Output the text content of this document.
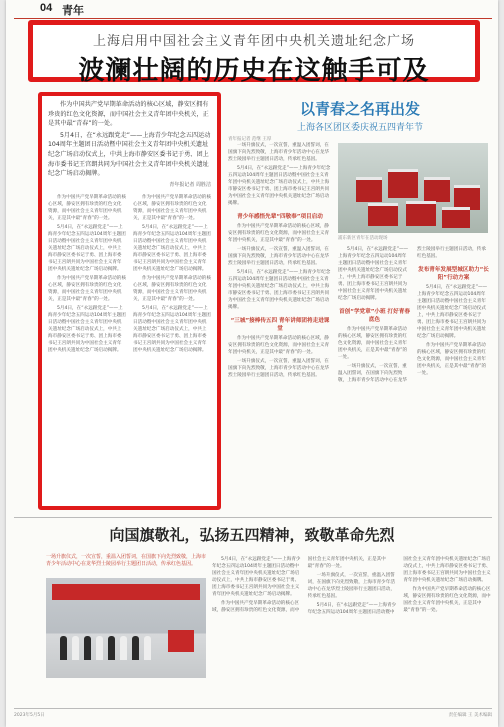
04 青年
上海启用中国社会主义青年团中央机关遗址纪念广场
波澜壮阔的历史在这触手可及

作为中国共产党早期革命活动的核心区域，静安区拥有珍贵的红色文化资源，而中国社会主义青年团中央机关，正是其中最“青春”的一处。

5月4日，在“永远跟党走”——上海青少年纪念五四运动104周年主题团日活动暨中国社会主义青年团中央机关遗址纪念广场启动仪式上，中共上海市静安区委书记于勇、团上海市委书记王宫朗共同为中国社会主义青年团中央机关遗址纪念广场启动揭牌。

青年报记者 周胜洁

作为中国共产党早期革命活动的核心区域，静安区拥有珍贵的红色文化资源，而中国社会主义青年团中央机关，正是其中最“青春”的一处。

5月4日，在“永远跟党走”——上海青少年纪念五四运动104周年主题团日活动暨中国社会主义青年团中央机关遗址纪念广场启动仪式上，中共上海市静安区委书记于勇、团上海市委书记王宫朗共同为中国社会主义青年团中央机关遗址纪念广场启动揭牌。

作为中国共产党早期革命活动的核心区域，静安区拥有珍贵的红色文化资源，而中国社会主义青年团中央机关，正是其中最“青春”的一处。

5月4日，在“永远跟党走”——上海青少年纪念五四运动104周年主题团日活动暨中国社会主义青年团中央机关遗址纪念广场启动仪式上，中共上海市静安区委书记于勇、团上海市委书记王宫朗共同为中国社会主义青年团中央机关遗址纪念广场启动揭牌。

作为中国共产党早期革命活动的核心区域，静安区拥有珍贵的红色文化资源，而中国社会主义青年团中央机关，正是其中最“青春”的一处。

5月4日，在“永远跟党走”——上海青少年纪念五四运动104周年主题团日活动暨中国社会主义青年团中央机关遗址纪念广场启动仪式上，中共上海市静安区委书记于勇、团上海市委书记王宫朗共同为中国社会主义青年团中央机关遗址纪念广场启动揭牌。

作为中国共产党早期革命活动的核心区域，静安区拥有珍贵的红色文化资源，而中国社会主义青年团中央机关，正是其中最“青春”的一处。

5月4日，在“永远跟党走”——上海青少年纪念五四运动104周年主题团日活动暨中国社会主义青年团中央机关遗址纪念广场启动仪式上，中共上海市静安区委书记于勇、团上海市委书记王宫朗共同为中国社会主义青年团中央机关遗址纪念广场启动揭牌。

以青春之名再出发
上海各区团区委庆祝五四青年节
青年报记者 范继 王厚

一场升旗仪式，一次宣誓，重温入团誓词，在国旗下向先烈致敬，上海市青少年活动中心在龙华烈士陵园举行主题团日活动，传承红色基因。

5月4日，在“永远跟党走”——上海青少年纪念五四运动104周年主题团日活动暨中国社会主义青年团中央机关遗址纪念广场启动仪式上，中共上海市静安区委书记于勇、团上海市委书记王宫朗共同为中国社会主义青年团中央机关遗址纪念广场启动揭牌。

青少年感悟先辈“四敬奉”项目启动

作为中国共产党早期革命活动的核心区域，静安区拥有珍贵的红色文化资源，而中国社会主义青年团中央机关，正是其中最“青春”的一处。

一场升旗仪式，一次宣誓，重温入团誓词，在国旗下向先烈致敬，上海市青少年活动中心在龙华烈士陵园举行主题团日活动，传承红色基因。

5月4日，在“永远跟党走”——上海青少年纪念五四运动104周年主题团日活动暨中国社会主义青年团中央机关遗址纪念广场启动仪式上，中共上海市静安区委书记于勇、团上海市委书记王宫朗共同为中国社会主义青年团中央机关遗址纪念广场启动揭牌。

“三城”接棒传五四 青年讲师团将走进课堂

作为中国共产党早期革命活动的核心区域，静安区拥有珍贵的红色文化资源，而中国社会主义青年团中央机关，正是其中最“青春”的一处。

一场升旗仪式，一次宣誓，重温入团誓词，在国旗下向先烈致敬，上海市青少年活动中心在龙华烈士陵园举行主题团日活动，传承红色基因。

浦东新区青年在活动现场

5月4日，在“永远跟党走”——上海青少年纪念五四运动104周年主题团日活动暨中国社会主义青年团中央机关遗址纪念广场启动仪式上，中共上海市静安区委书记于勇、团上海市委书记王宫朗共同为中国社会主义青年团中央机关遗址纪念广场启动揭牌。

首创“学党章”小班 打好青春底色

作为中国共产党早期革命活动的核心区域，静安区拥有珍贵的红色文化资源，而中国社会主义青年团中央机关，正是其中最“青春”的一处。

一场升旗仪式，一次宣誓，重温入团誓词，在国旗下向先烈致敬，上海市青少年活动中心在龙华烈士陵园举行主题团日活动，传承红色基因。

发布青年发展型城区助力“长阳”行动方案

5月4日，在“永远跟党走”——上海青少年纪念五四运动104周年主题团日活动暨中国社会主义青年团中央机关遗址纪念广场启动仪式上，中共上海市静安区委书记于勇、团上海市委书记王宫朗共同为中国社会主义青年团中央机关遗址纪念广场启动揭牌。

作为中国共产党早期革命活动的核心区域，静安区拥有珍贵的红色文化资源，而中国社会主义青年团中央机关，正是其中最“青春”的一处。

向国旗敬礼，弘扬五四精神，致敬革命先烈
一场升旗仪式，一次宣誓，重温入团誓词，在国旗下向先烈致敬，上海市青少年活动中心在龙华烈士陵园举行主题团日活动，传承红色基因。

5月4日，在“永远跟党走”——上海青少年纪念五四运动104周年主题团日活动暨中国社会主义青年团中央机关遗址纪念广场启动仪式上，中共上海市静安区委书记于勇、团上海市委书记王宫朗共同为中国社会主义青年团中央机关遗址纪念广场启动揭牌。

作为中国共产党早期革命活动的核心区域，静安区拥有珍贵的红色文化资源，而中国社会主义青年团中央机关，正是其中最“青春”的一处。

一场升旗仪式，一次宣誓，重温入团誓词，在国旗下向先烈致敬，上海市青少年活动中心在龙华烈士陵园举行主题团日活动，传承红色基因。

5月4日，在“永远跟党走”——上海青少年纪念五四运动104周年主题团日活动暨中国社会主义青年团中央机关遗址纪念广场启动仪式上，中共上海市静安区委书记于勇、团上海市委书记王宫朗共同为中国社会主义青年团中央机关遗址纪念广场启动揭牌。

作为中国共产党早期革命活动的核心区域，静安区拥有珍贵的红色文化资源，而中国社会主义青年团中央机关，正是其中最“青春”的一处。

2023年5月5日	责任编辑 王 美术编辑
